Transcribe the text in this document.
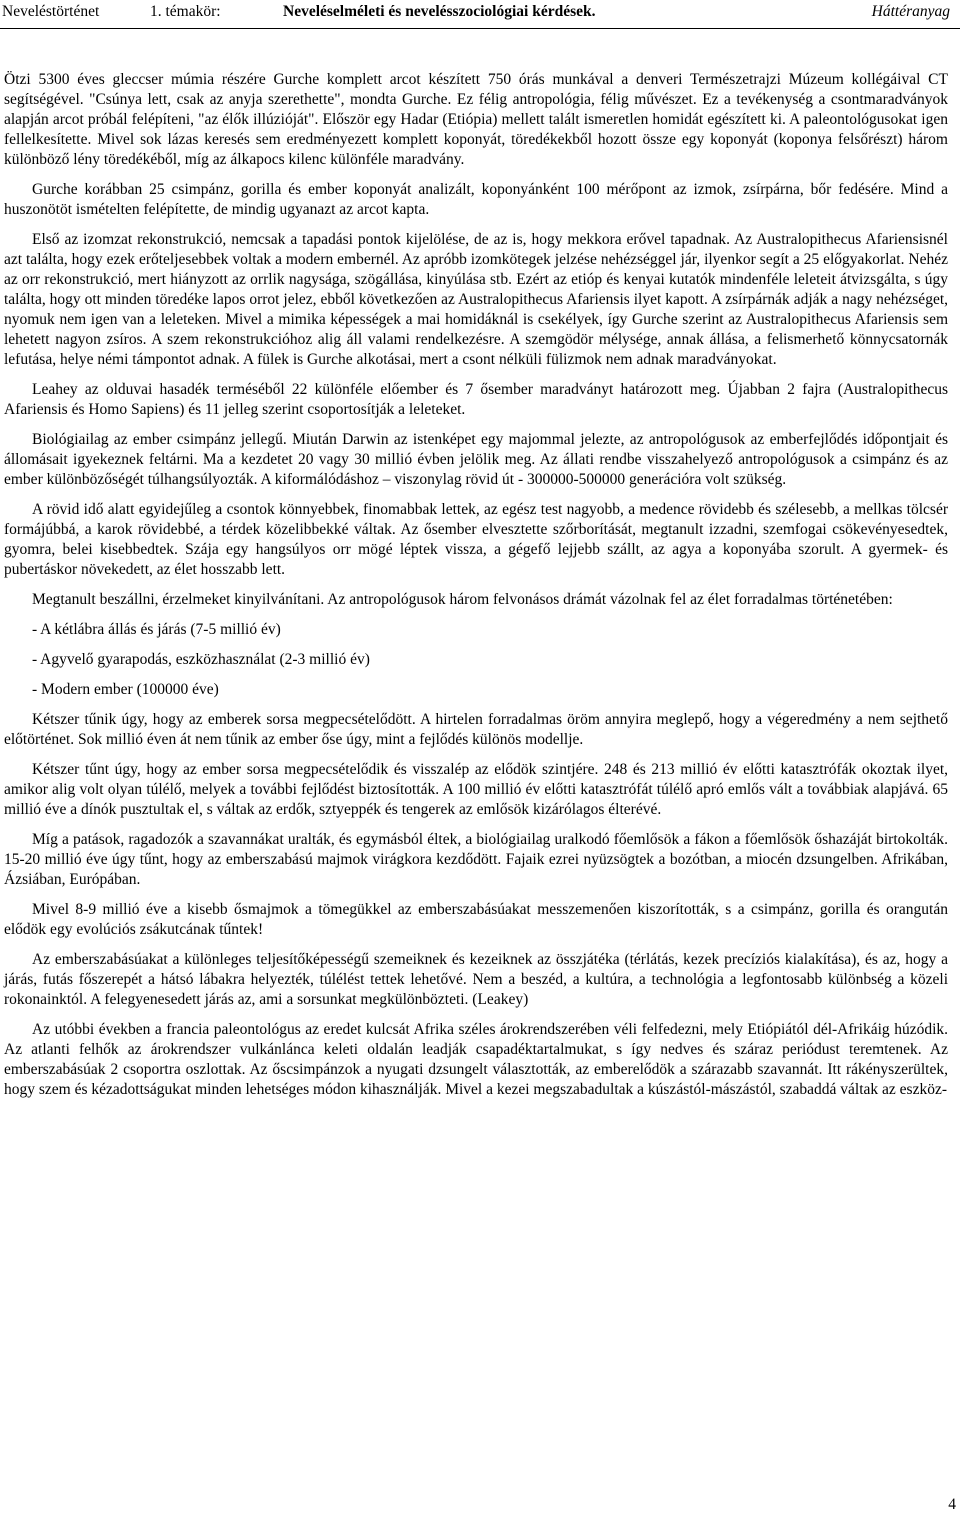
Neveléstörténet	1. témakör:	Neveléselméleti és nevelésszociológiai kérdések.	Háttéranyag

Ötzi 5300 éves gleccser múmia részére Gurche komplett arcot készített 750 órás munkával a denveri Természetrajzi Múzeum kollégáival CT segítségével. "Csúnya lett, csak az anyja szerethette", mondta Gurche. Ez félig antropológia, félig művészet. Ez a tevékenység a csontmaradványok alapján arcot próbál felépíteni, "az élők illúzióját". Először egy Hadar (Etiópia) mellett talált ismeretlen homidát egészített ki. A paleontológusokat igen fellelkesítette. Mivel sok lázas keresés sem eredményezett komplett koponyát, töredékekből hozott össze egy koponyát (koponya felsőrészt) három különböző lény töredékéből, míg az álkapocs kilenc különféle maradvány.

Gurche korábban 25 csimpánz, gorilla és ember koponyát analizált, koponyánként 100 mérőpont az izmok, zsírpárna, bőr fedésére. Mind a huszonötöt ismételten felépítette, de mindig ugyanazt az arcot kapta.

Első az izomzat rekonstrukció, nemcsak a tapadási pontok kijelölése, de az is, hogy mekkora erővel tapadnak. Az Australopithecus Afariensisnél azt találta, hogy ezek erőteljesebbek voltak a modern embernél. Az apróbb izomkötegek jelzése nehézséggel jár, ilyenkor segít a 25 előgyakorlat. Nehéz az orr rekonstrukció, mert hiányzott az orrlik nagysága, szögállása, kinyúlása stb. Ezért az etióp és kenyai kutatók mindenféle leleteit átvizsgálta, s úgy találta, hogy ott minden töredéke lapos orrot jelez, ebből következően az Australopithecus Afariensis ilyet kapott. A zsírpárnák adják a nagy nehézséget, nyomuk nem igen van a leleteken. Mivel a mimika képességek a mai homidáknál is csekélyek, így Gurche szerint az Australopithecus Afariensis sem lehetett nagyon zsíros. A szem rekonstrukcióhoz alig áll valami rendelkezésre. A szemgödör mélysége, annak állása, a felismerhető könnycsatornák lefutása, helye némi támpontot adnak. A fülek is Gurche alkotásai, mert a csont nélküli fülizmok nem adnak maradványokat.

Leahey az olduvai hasadék terméséből 22 különféle előember és 7 ősember maradványt határozott meg. Újabban 2 fajra (Australopithecus Afariensis és Homo Sapiens) és 11 jelleg szerint csoportosítják a leleteket.

Biológiailag az ember csimpánz jellegű. Miután Darwin az istenképet egy majommal jelezte, az antropológusok az emberfejlődés időpontjait és állomásait igyekeznek feltárni. Ma a kezdetet 20 vagy 30 millió évben jelölik meg. Az állati rendbe visszahelyező antropológusok a csimpánz és az ember különbözőségét túlhangsúlyozták. A kiformálódáshoz – viszonylag rövid út - 300000-500000 generációra volt szükség.

A rövid idő alatt egyidejűleg a csontok könnyebbek, finomabbak lettek, az egész test nagyobb, a medence rövidebb és szélesebb, a mellkas tölcsér formájúbbá, a karok rövidebbé, a térdek közelibbekké váltak. Az ősember elvesztette szőrborítását, megtanult izzadni, szemfogai csökevényesedtek, gyomra, belei kisebbedtek. Szája egy hangsúlyos orr mögé léptek vissza, a gégefő lejjebb szállt, az agya a koponyába szorult. A gyermek- és pubertáskor növekedett, az élet hosszabb lett.

Megtanult beszállni, érzelmeket kinyilvánítani. Az antropológusok három felvonásos drámát vázolnak fel az élet forradalmas történetében:

- A kétlábra állás és járás (7-5 millió év)

- Agyvelő gyarapodás, eszközhasználat (2-3 millió év)

- Modern ember (100000 éve)

Kétszer tűnik úgy, hogy az emberek sorsa megpecsételődött. A hirtelen forradalmas öröm annyira meglepő, hogy a végeredmény a nem sejthető előtörténet. Sok millió éven át nem tűnik az ember őse úgy, mint a fejlődés különös modellje.

Kétszer tűnt úgy, hogy az ember sorsa megpecsételődik és visszalép az elődök szintjére. 248 és 213 millió év előtti katasztrófák okoztak ilyet, amikor alig volt olyan túlélő, melyek a további fejlődést biztosították. A 100 millió év előtti katasztrófát túlélő apró emlős vált a továbbiak alapjává. 65 millió éve a dínók pusztultak el, s váltak az erdők, sztyeppék és tengerek az emlősök kizárólagos élterévé.

Míg a patások, ragadozók a szavannákat uralták, és egymásból éltek, a biológiailag uralkodó főemlősök a fákon a főemlősök őshazáját birtokolták. 15-20 millió éve úgy tűnt, hogy az emberszabású majmok virágkora kezdődött. Fajaik ezrei nyüzsögtek a bozótban, a miocén dzsungelben. Afrikában, Ázsiában, Európában.

Mivel 8-9 millió éve a kisebb ősmajmok a tömegükkel az emberszabásúakat messzemenően kiszorították, s a csimpánz, gorilla és orangután elődök egy evolúciós zsákutcának tűntek!

Az emberszabásúakat a különleges teljesítőképességű szemeiknek és kezeiknek az összjátéka (térlátás, kezek precíziós kialakítása), és az, hogy a járás, futás főszerepét a hátsó lábakra helyezték, túlélést tettek lehetővé. Nem a beszéd, a kultúra, a technológia a legfontosabb különbség a közeli rokonainktól. A felegyenesedett járás az, ami a sorsunkat megkülönbözteti. (Leakey)

Az utóbbi években a francia paleontológus az eredet kulcsát Afrika széles árokrendszerében véli felfedezni, mely Etiópiától dél-Afrikáig húzódik. Az atlanti felhők az árokrendszer vulkánlánca keleti oldalán leadják csapadéktartalmukat, s így nedves és száraz periódust teremtenek. Az emberszabásúak 2 csoportra oszlottak. Az őscsimpánzok a nyugati dzsungelt választották, az emberelődök a szárazabb szavannát. Itt rákényszerültek, hogy szem és kézadottságukat minden lehetséges módon kihasználják. Mivel a kezei megszabadultak a kúszástól-mászástól, szabaddá váltak az eszköz-

4
